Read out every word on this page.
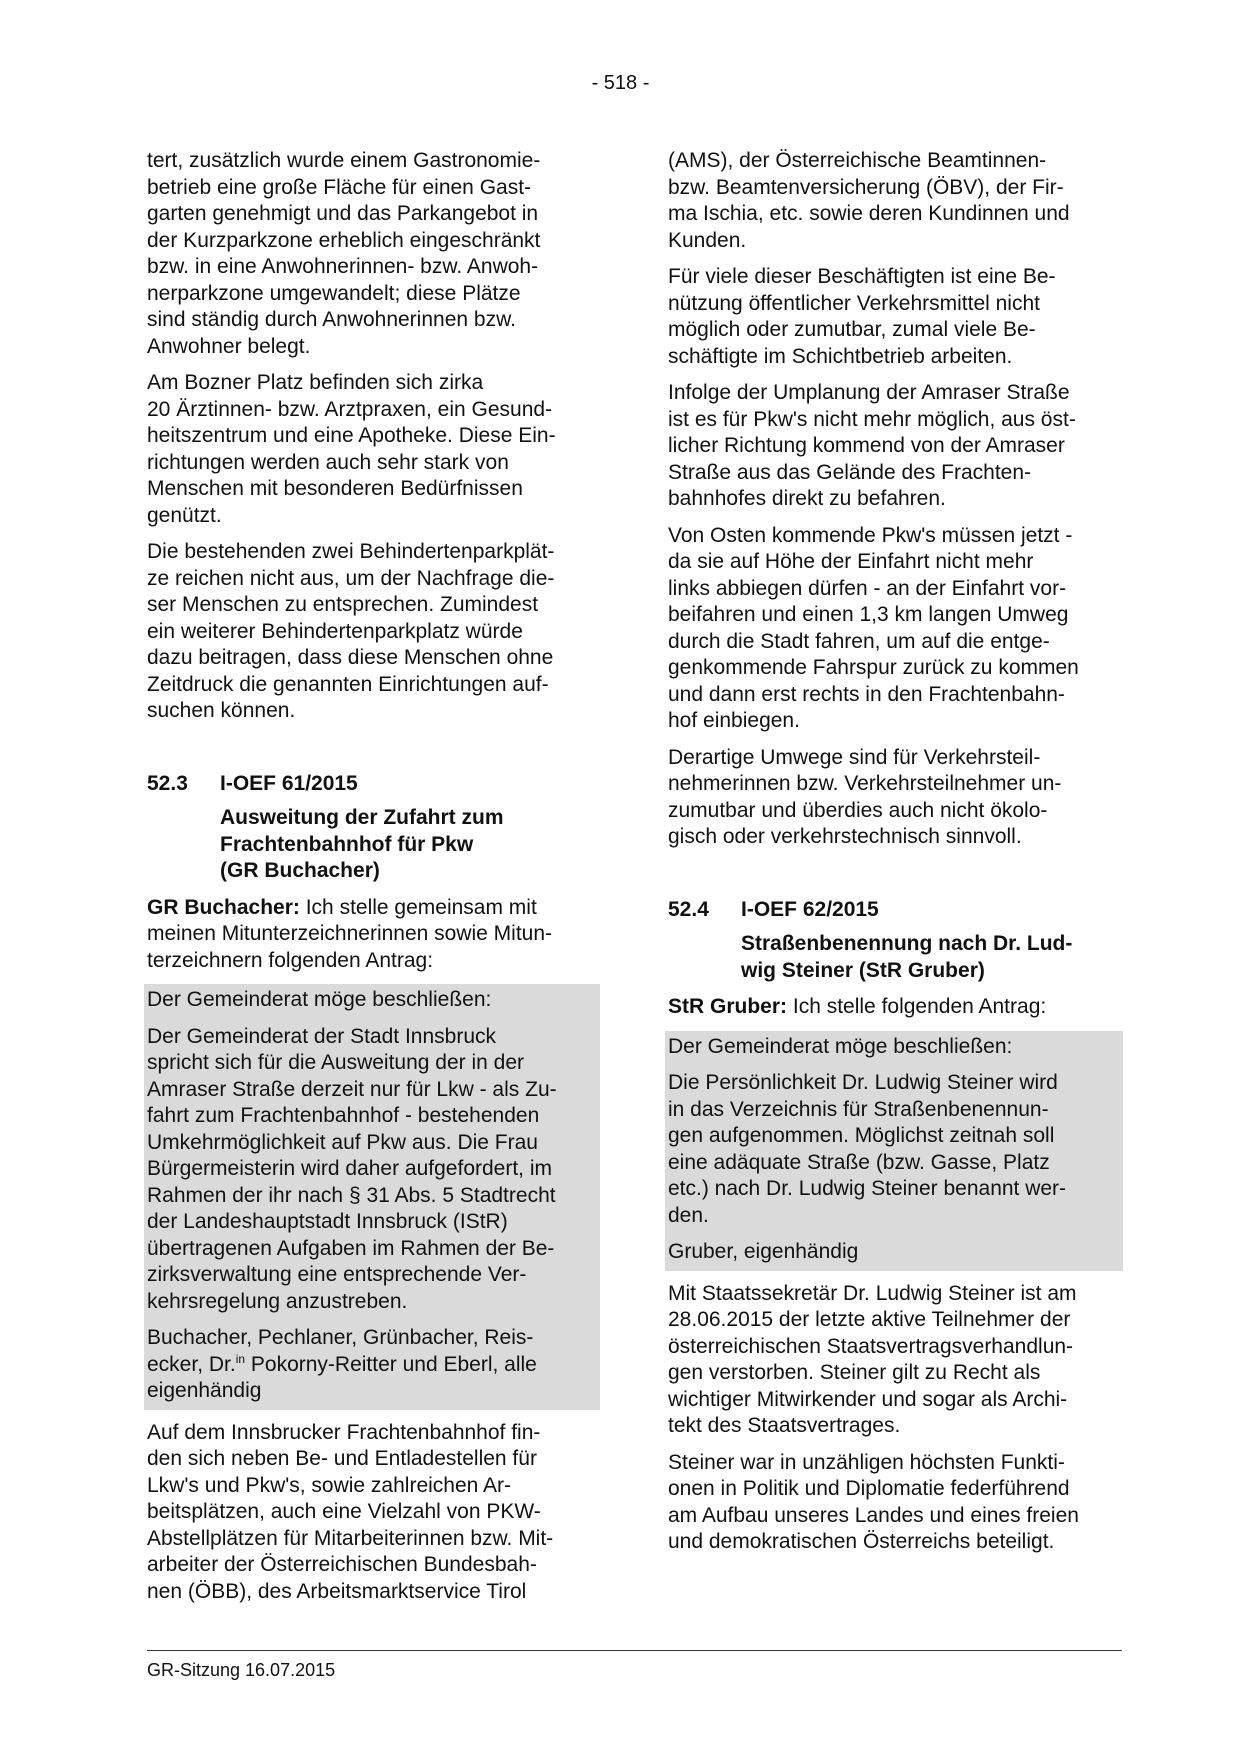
- 518 -

tert, zusätzlich wurde einem Gastronomie-
betrieb eine große Fläche für einen Gast-
garten genehmigt und das Parkangebot in
der Kurzparkzone erheblich eingeschränkt
bzw. in eine Anwohnerinnen- bzw. Anwoh-
nerparkzone umgewandelt; diese Plätze
sind ständig durch Anwohnerinnen bzw.
Anwohner belegt.

Am Bozner Platz befinden sich zirka
20 Ärztinnen- bzw. Arztpraxen, ein Gesund-
heitszentrum und eine Apotheke. Diese Ein-
richtungen werden auch sehr stark von
Menschen mit besonderen Bedürfnissen
genützt.

Die bestehenden zwei Behindertenparkplät-
ze reichen nicht aus, um der Nachfrage die-
ser Menschen zu entsprechen. Zumindest
ein weiterer Behindertenparkplatz würde
dazu beitragen, dass diese Menschen ohne
Zeitdruck die genannten Einrichtungen auf-
suchen können.

52.3 I-OEF 61/2015
Ausweitung der Zufahrt zum
Frachtenbahnhof für Pkw
(GR Buchacher)

GR Buchacher: Ich stelle gemeinsam mit
meinen Mitunterzeichnerinnen sowie Mitun-
terzeichnern folgenden Antrag:

Der Gemeinderat möge beschließen:

Der Gemeinderat der Stadt Innsbruck
spricht sich für die Ausweitung der in der
Amraser Straße derzeit nur für Lkw - als Zu-
fahrt zum Frachtenbahnhof - bestehenden
Umkehrmöglichkeit auf Pkw aus. Die Frau
Bürgermeisterin wird daher aufgefordert, im
Rahmen der ihr nach § 31 Abs. 5 Stadtrecht
der Landeshauptstadt Innsbruck (IStR)
übertragenen Aufgaben im Rahmen der Be-
zirksverwaltung eine entsprechende Ver-
kehrsregelung anzustreben.

Buchacher, Pechlaner, Grünbacher, Reis-
ecker, Dr.$^{in}$ Pokorny-Reitter und Eberl, alle
eigenhändig

Auf dem Innsbrucker Frachtenbahnhof fin-
den sich neben Be- und Entladestellen für
Lkw's und Pkw's, sowie zahlreichen Ar-
beitsplätzen, auch eine Vielzahl von PKW-
Abstellplätzen für Mitarbeiterinnen bzw. Mit-
arbeiter der Österreichischen Bundesbah-
nen (ÖBB), des Arbeitsmarktservice Tirol

(AMS), der Österreichische Beamtinnen-
bzw. Beamtenversicherung (ÖBV), der Fir-
ma Ischia, etc. sowie deren Kundinnen und
Kunden.

Für viele dieser Beschäftigten ist eine Be-
nützung öffentlicher Verkehrsmittel nicht
möglich oder zumutbar, zumal viele Be-
schäftigte im Schichtbetrieb arbeiten.

Infolge der Umplanung der Amraser Straße
ist es für Pkw's nicht mehr möglich, aus öst-
licher Richtung kommend von der Amraser
Straße aus das Gelände des Frachten-
bahnhofes direkt zu befahren.

Von Osten kommende Pkw's müssen jetzt -
da sie auf Höhe der Einfahrt nicht mehr
links abbiegen dürfen - an der Einfahrt vor-
beifahren und einen 1,3 km langen Umweg
durch die Stadt fahren, um auf die entge-
genkommende Fahrspur zurück zu kommen
und dann erst rechts in den Frachtenbahn-
hof einbiegen.

Derartige Umwege sind für Verkehrsteil-
nehmerinnen bzw. Verkehrsteilnehmer un-
zumutbar und überdies auch nicht ökolo-
gisch oder verkehrstechnisch sinnvoll.

52.4 I-OEF 62/2015
Straßenbenennung nach Dr. Lud-
wig Steiner (StR Gruber)

StR Gruber: Ich stelle folgenden Antrag:

Der Gemeinderat möge beschließen:

Die Persönlichkeit Dr. Ludwig Steiner wird
in das Verzeichnis für Straßenbenennun-
gen aufgenommen. Möglichst zeitnah soll
eine adäquate Straße (bzw. Gasse, Platz
etc.) nach Dr. Ludwig Steiner benannt wer-
den.

Gruber, eigenhändig

Mit Staatssekretär Dr. Ludwig Steiner ist am
28.06.2015 der letzte aktive Teilnehmer der
österreichischen Staatsvertragsverhandlun-
gen verstorben. Steiner gilt zu Recht als
wichtiger Mitwirkender und sogar als Archi-
tekt des Staatsvertrages.

Steiner war in unzähligen höchsten Funkti-
onen in Politik und Diplomatie federführend
am Aufbau unseres Landes und eines freien
und demokratischen Österreichs beteiligt.

GR-Sitzung 16.07.2015
